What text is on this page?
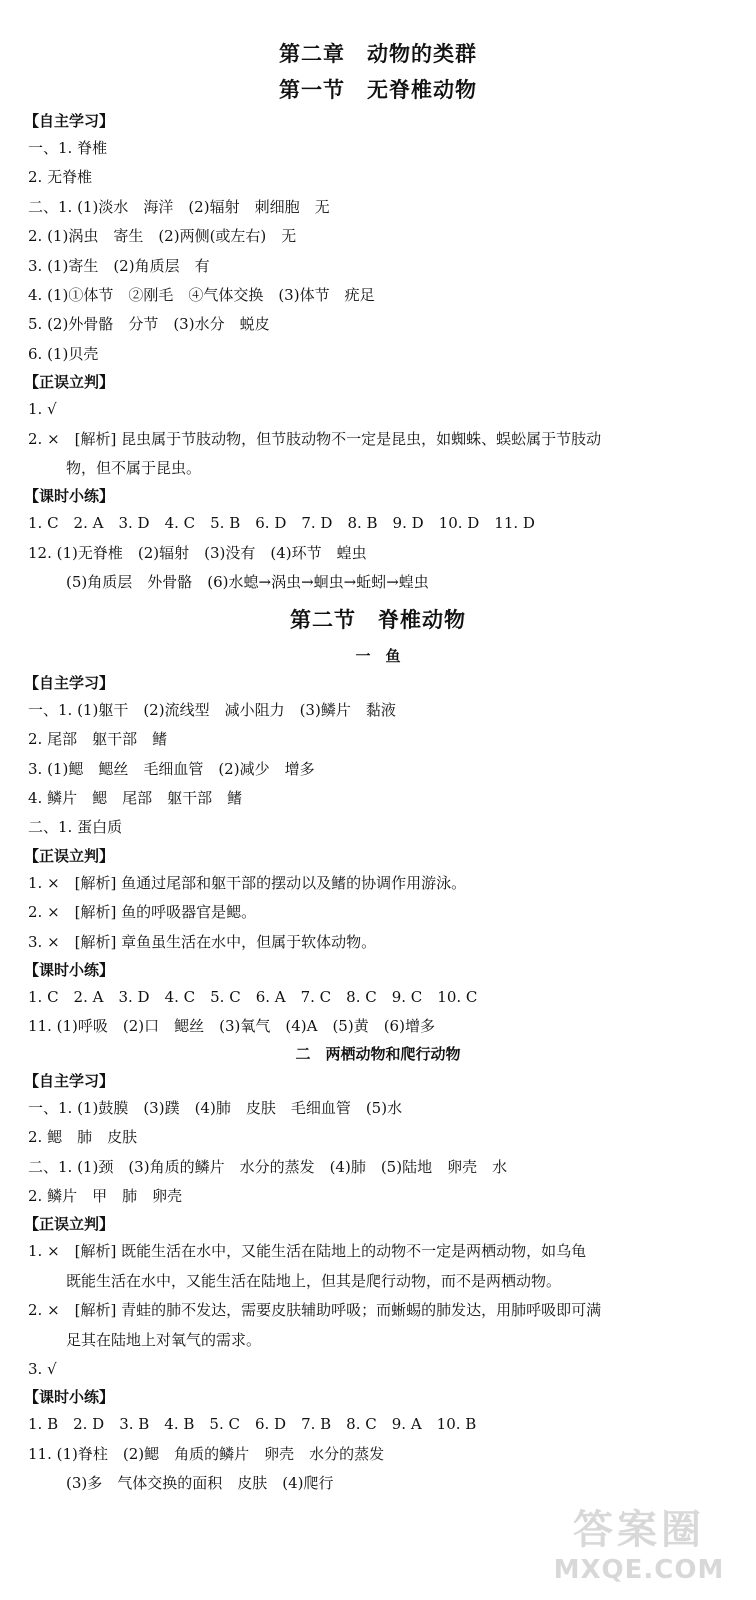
第二章　动物的类群
第一节　无脊椎动物
【自主学习】
一、1. 脊椎
2. 无脊椎
二、1. (1)淡水　海洋　(2)辐射　刺细胞　无
2. (1)涡虫　寄生　(2)两侧(或左右)　无
3. (1)寄生　(2)角质层　有
4. (1)①体节　②刚毛　④气体交换　(3)体节　疣足
5. (2)外骨骼　分节　(3)水分　蜕皮
6. (1)贝壳
【正误立判】
1. √
2. ×　[解析] 昆虫属于节肢动物，但节肢动物不一定是昆虫，如蜘蛛、蜈蚣属于节肢动
物，但不属于昆虫。
【课时小练】
1. C　2. A　3. D　4. C　5. B　6. D　7. D　8. B　9. D　10. D　11. D
12. (1)无脊椎　(2)辐射　(3)没有　(4)环节　蝗虫
(5)角质层　外骨骼　(6)水螅→涡虫→蛔虫→蚯蚓→蝗虫
第二节　脊椎动物
一　鱼
【自主学习】
一、1. (1)躯干　(2)流线型　减小阻力　(3)鳞片　黏液
2. 尾部　躯干部　鳍
3. (1)鳃　鳃丝　毛细血管　(2)减少　增多
4. 鳞片　鳃　尾部　躯干部　鳍
二、1. 蛋白质
【正误立判】
1. ×　[解析] 鱼通过尾部和躯干部的摆动以及鳍的协调作用游泳。
2. ×　[解析] 鱼的呼吸器官是鳃。
3. ×　[解析] 章鱼虽生活在水中，但属于软体动物。
【课时小练】
1. C　2. A　3. D　4. C　5. C　6. A　7. C　8. C　9. C　10. C
11. (1)呼吸　(2)口　鳃丝　(3)氧气　(4)A　(5)黄　(6)增多
二　两栖动物和爬行动物
【自主学习】
一、1. (1)鼓膜　(3)蹼　(4)肺　皮肤　毛细血管　(5)水
2. 鳃　肺　皮肤
二、1. (1)颈　(3)角质的鳞片　水分的蒸发　(4)肺　(5)陆地　卵壳　水
2. 鳞片　甲　肺　卵壳
【正误立判】
1. ×　[解析] 既能生活在水中，又能生活在陆地上的动物不一定是两栖动物，如乌龟
既能生活在水中，又能生活在陆地上，但其是爬行动物，而不是两栖动物。
2. ×　[解析] 青蛙的肺不发达，需要皮肤辅助呼吸；而蜥蜴的肺发达，用肺呼吸即可满
足其在陆地上对氧气的需求。
3. √
【课时小练】
1. B　2. D　3. B　4. B　5. C　6. D　7. B　8. C　9. A　10. B
11. (1)脊柱　(2)鳃　角质的鳞片　卵壳　水分的蒸发
(3)多　气体交换的面积　皮肤　(4)爬行
答案圈
MXQE.COM
